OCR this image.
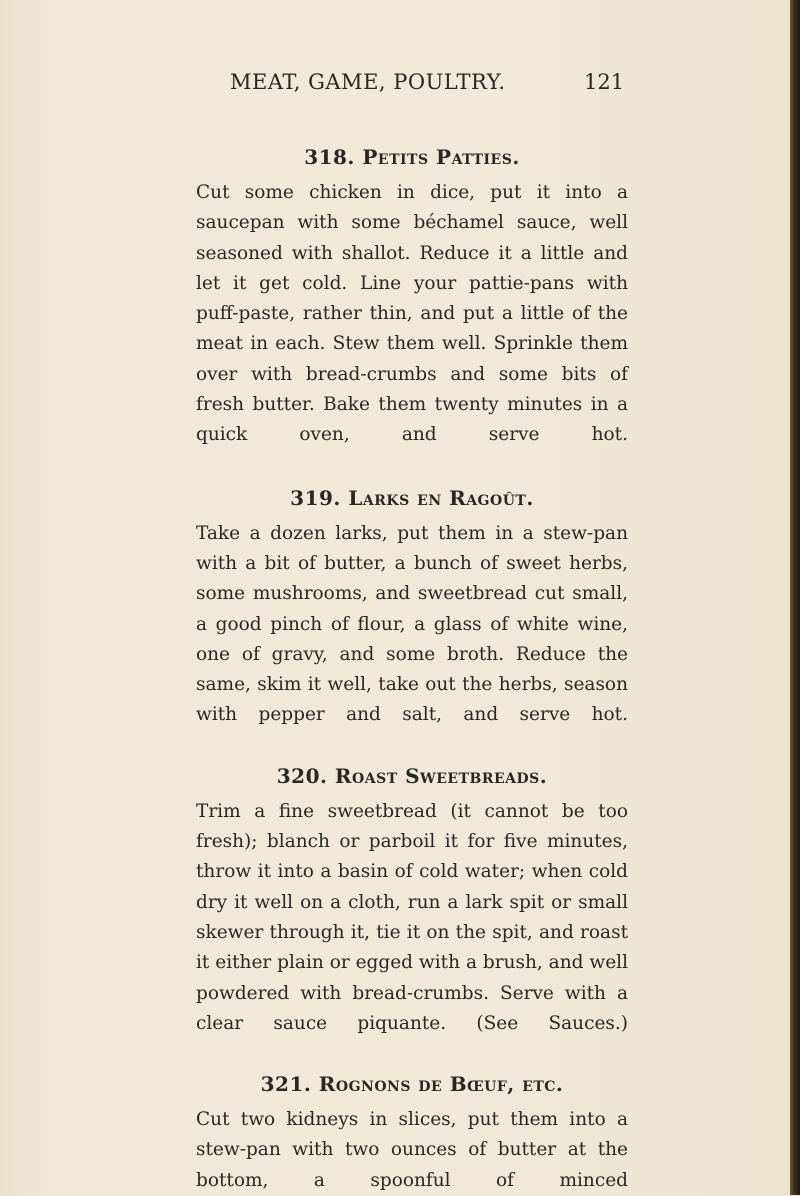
MEAT, GAME, POULTRY.	121
318. Petits Patties.

Cut some chicken in dice, put it into a saucepan with some béchamel sauce, well seasoned with shallot. Reduce it a little and let it get cold. Line your pattie-pans with puff-paste, rather thin, and put a little of the meat in each. Stew them well. Sprinkle them over with bread-crumbs and some bits of fresh butter. Bake them twenty minutes in a quick oven, and serve hot.

319. Larks en Ragoût.

Take a dozen larks, put them in a stew-pan with a bit of butter, a bunch of sweet herbs, some mushrooms, and sweetbread cut small, a good pinch of flour, a glass of white wine, one of gravy, and some broth. Reduce the same, skim it well, take out the herbs, season with pepper and salt, and serve hot.

320. Roast Sweetbreads.

Trim a fine sweetbread (it cannot be too fresh); blanch or parboil it for five minutes, throw it into a basin of cold water; when cold dry it well on a cloth, run a lark spit or small skewer through it, tie it on the spit, and roast it either plain or egged with a brush, and well powdered with bread-crumbs. Serve with a clear sauce piquante. (See Sauces.)

321. Rognons de Bœuf, etc.

Cut two kidneys in slices, put them into a stew-pan with two ounces of butter at the bottom, a spoonful of minced
